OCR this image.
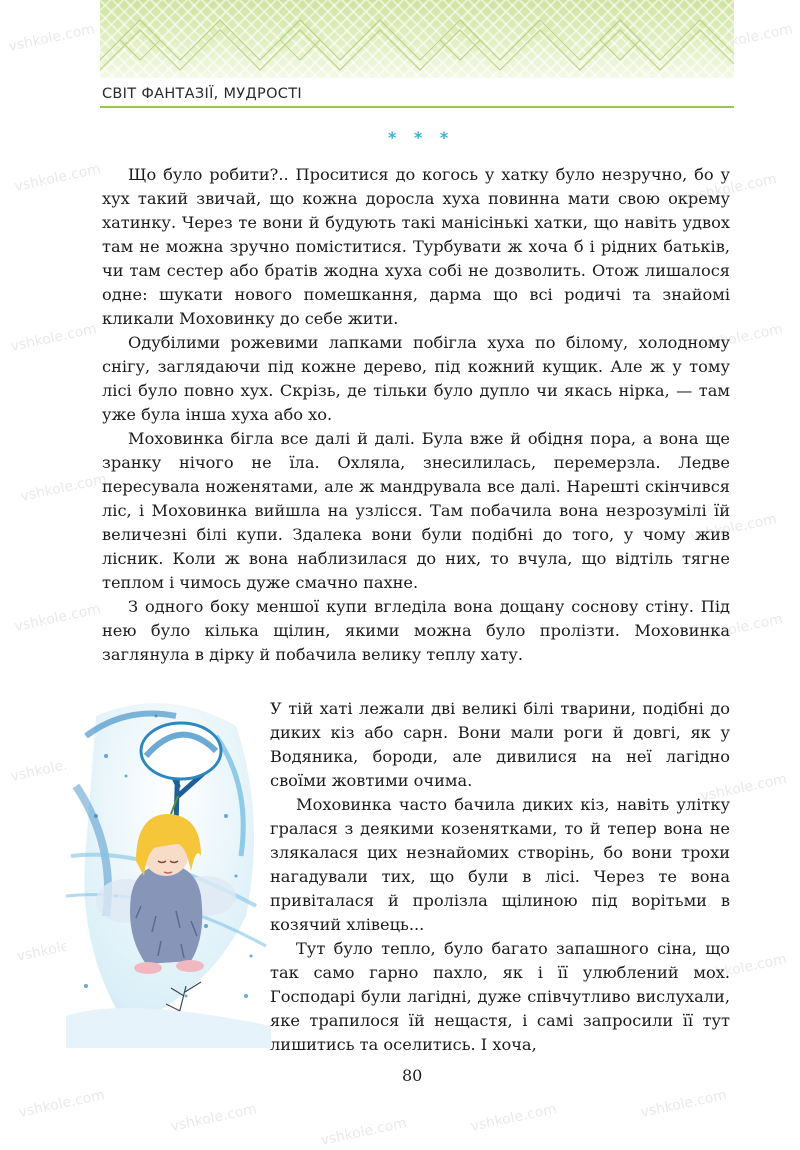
vshkole.com	vshkole.com
vshkole.com	vshkole.com
vshkole.com	vshkole.com
vshkole.com
vshkole.com
vshkole.com	vshkole.com
vshkole.com
vshkole.com
vshkole.com
vshkole.com
vshkole.com	vshkole.com	vshkole.com	vshkole.com	vshkole.com
СВІТ ФАНТАЗІЇ, МУДРОСТІ
* * *

Що було робити?.. Проситися до когось у хатку було незручно, бо у хух такий звичай, що кожна доросла хуха повинна мати свою окрему хатинку. Через те вони й будують такі манісінькі хатки, що навіть удвох там не можна зручно поміститися. Турбувати ж хоча б і рідних батьків, чи там сестер або братів жодна хуха собі не дозволить. Отож лишалося одне: шукати нового помешкання, дарма що всі родичі та знайомі кликали Моховинку до себе жити.

Одубілими рожевими лапками побігла хуха по білому, холодному снігу, заглядаючи під кожне дерево, під кожний кущик. Але ж у тому лісі було повно хух. Скрізь, де тільки було дупло чи якась нірка, — там уже була інша хуха або хо.

Моховинка бігла все далі й далі. Була вже й обідня пора, а вона ще зранку нічого не їла. Охляла, знесилилась, перемерзла. Ледве пересувала ноженятами, але ж мандрувала все далі. Нарешті скінчився ліс, і Моховинка вийшла на узлісся. Там побачила вона незрозумілі їй величезні білі купи. Здалека вони були подібні до того, у чому жив лісник. Коли ж вона наблизилася до них, то вчула, що відтіль тягне теплом і чимось дуже смачно пахне.

З одного боку меншої купи вгледіла вона дощану соснову стіну. Під нею було кілька щілин, якими можна було пролізти. Моховинка заглянула в дірку й побачила велику теплу хату.

У тій хаті лежали дві великі білі тварини, подібні до диких кіз або сарн. Вони мали роги й довгі, як у Водяника, бороди, але дивилися на неї лагідно своїми жовтими очима.

Моховинка часто бачила диких кіз, навіть улітку гралася з деякими козенятками, то й тепер вона не злякалася цих незнайомих створінь, бо вони трохи нагадували тих, що були в лісі. Через те вона привіталася й пролізла щілиною під ворітьми в козячий хлівець...

Тут було тепло, було багато запашного сіна, що так само гарно пахло, як і її улюблений мох. Господарі були лагідні, дуже співчутливо вислухали, яке трапилося їй нещастя, і самі запросили її тут лишитись та оселитись. І хоча,

80
